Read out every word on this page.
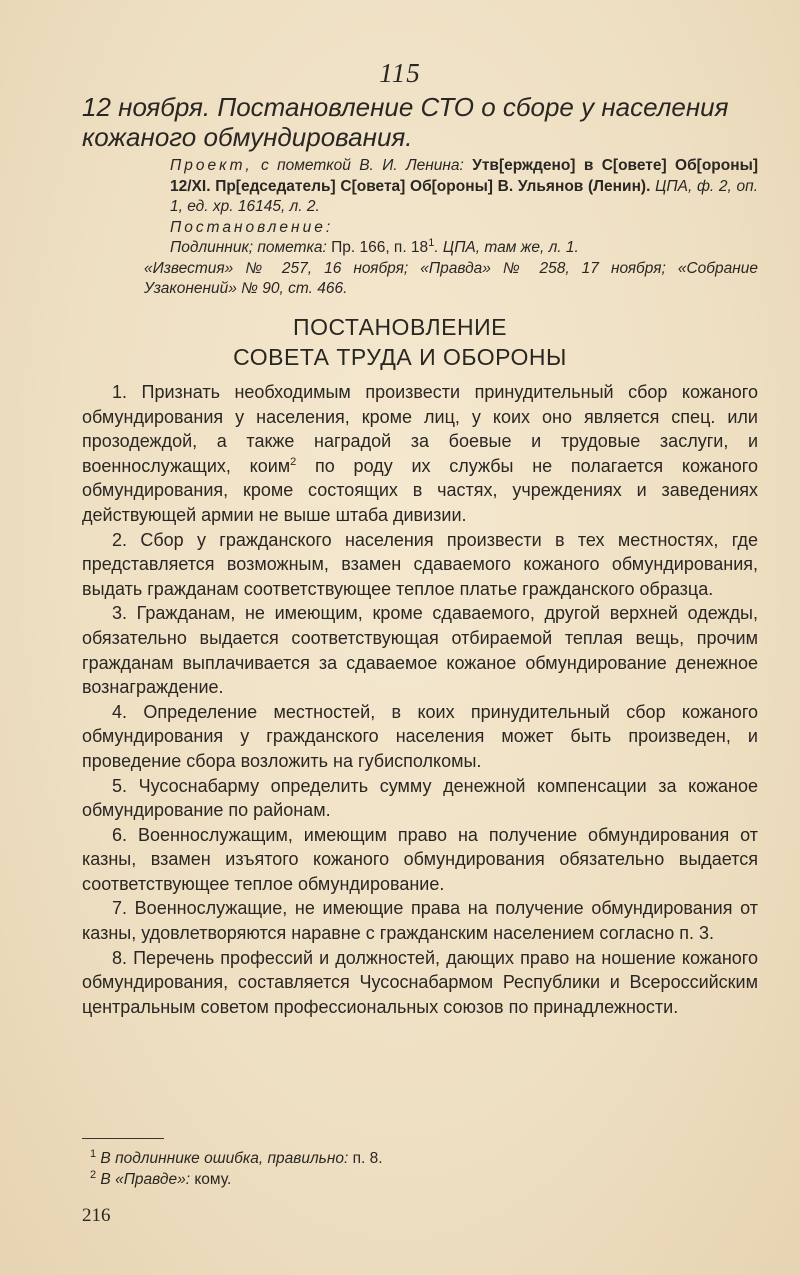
115
12 ноября. Постановление СТО о сборе у населения кожаного обмундирования.

Проект, с пометкой В. И. Ленина: Утв[ерждено] в С[овете] Об[ороны] 12/XI. Пр[едседатель] С[овета] Об[ороны] В. Ульянов (Ленин). ЦПА, ф. 2, оп. 1, ед. хр. 16145, л. 2.

Постановление:

Подлинник; пометка: Пр. 166, п. $18^1$. ЦПА, там же, л. 1.

«Известия» № 257, 16 ноября; «Правда» № 258, 17 ноября; «Собрание Узаконений» № 90, ст. 466.

ПОСТАНОВЛЕНИЕ
СОВЕТА ТРУДА И ОБОРОНЫ

1. Признать необходимым произвести принудительный сбор кожаного обмундирования у населения, кроме лиц, у коих оно является спец. или прозодеждой, а также наградой за боевые и трудовые заслуги, и военнослужащих, коим$^2$ по роду их службы не полагается кожаного обмундирования, кроме состоящих в частях, учреждениях и заведениях действующей армии не выше штаба дивизии.

2. Сбор у гражданского населения произвести в тех местностях, где представляется возможным, взамен сдаваемого кожаного обмундирования, выдать гражданам соответствующее теплое платье гражданского образца.

3. Гражданам, не имеющим, кроме сдаваемого, другой верхней одежды, обязательно выдается соответствующая отбираемой теплая вещь, прочим гражданам выплачивается за сдаваемое кожаное обмундирование денежное вознаграждение.

4. Определение местностей, в коих принудительный сбор кожаного обмундирования у гражданского населения может быть произведен, и проведение сбора возложить на губисполкомы.

5. Чусоснабарму определить сумму денежной компенсации за кожаное обмундирование по районам.

6. Военнослужащим, имеющим право на получение обмундирования от казны, взамен изъятого кожаного обмундирования обязательно выдается соответствующее теплое обмундирование.

7. Военнослужащие, не имеющие права на получение обмундирования от казны, удовлетворяются наравне с гражданским населением согласно п. 3.

8. Перечень профессий и должностей, дающих право на ношение кожаного обмундирования, составляется Чусоснабармом Республики и Всероссийским центральным советом профессиональных союзов по принадлежности.

$^1$ В подлиннике ошибка, правильно: п. 8.

$^2$ В «Правде»: кому.

216
